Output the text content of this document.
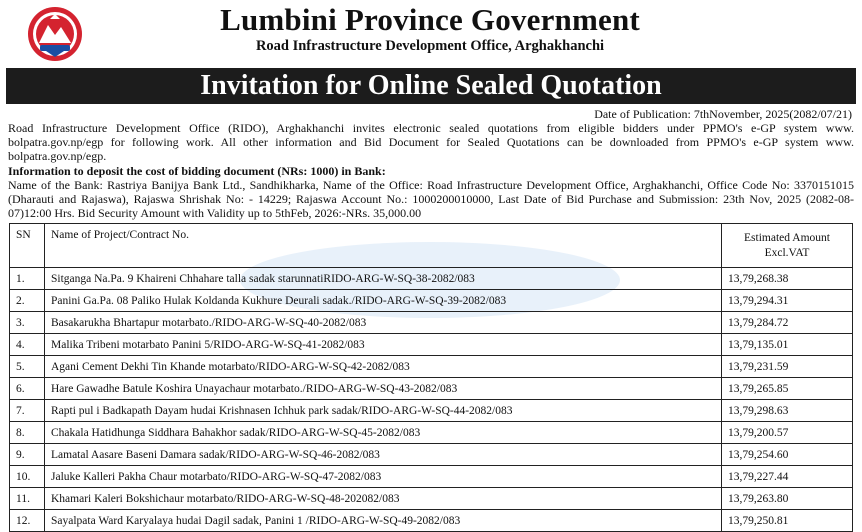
Lumbini Province Government
Road Infrastructure Development Office, Arghakhanchi
Invitation for Online Sealed Quotation
Date of Publication: 7thNovember, 2025(2082/07/21)
Road Infrastructure Development Office (RIDO), Arghakhanchi invites electronic sealed quotations from eligible bidders under PPMO's e-GP system www. bolpatra.gov.np/egp for following work. All other information and Bid Document for Sealed Quotations can be downloaded from PPMO's e-GP system www. bolpatra.gov.np/egp.
Information to deposit the cost of bidding document (NRs: 1000) in Bank:
Name of the Bank: Rastriya Banijya Bank Ltd., Sandhikharka, Name of the Office: Road Infrastructure Development Office, Arghakhanchi, Office Code No: 3370151015 (Dharauti and Rajaswa), Rajaswa Shrishak No: - 14229; Rajaswa Account No.: 1000200010000, Last Date of Bid Purchase and Submission: 23th Nov, 2025 (2082-08-07)12:00 Hrs. Bid Security Amount with Validity up to 5thFeb, 2026:-NRs. 35,000.00
SN	Name of Project/Contract No.	Estimated Amount
Excl.VAT
1.	Sitganga Na.Pa. 9 Khaireni Chhahare talla sadak starunnatiRIDO-ARG-W-SQ-38-2082/083	13,79,268.38
2.	Panini Ga.Pa. 08 Paliko Hulak Koldanda Kukhure Deurali sadak./RIDO-ARG-W-SQ-39-2082/083	13,79,294.31
3.	Basakarukha Bhartapur motarbato./RIDO-ARG-W-SQ-40-2082/083	13,79,284.72
4.	Malika Tribeni motarbato Panini 5/RIDO-ARG-W-SQ-41-2082/083	13,79,135.01
5.	Agani Cement Dekhi Tin Khande motarbato/RIDO-ARG-W-SQ-42-2082/083	13,79,231.59
6.	Hare Gawadhe Batule Koshira Unayachaur motarbato./RIDO-ARG-W-SQ-43-2082/083	13,79,265.85
7.	Rapti pul i Badkapath Dayam hudai Krishnasen Ichhuk park sadak/RIDO-ARG-W-SQ-44-2082/083	13,79,298.63
8.	Chakala Hatidhunga Siddhara Bahakhor sadak/RIDO-ARG-W-SQ-45-2082/083	13,79,200.57
9.	Lamatal Aasare Baseni Damara sadak/RIDO-ARG-W-SQ-46-2082/083	13,79,254.60
10.	Jaluke Kalleri Pakha Chaur motarbato/RIDO-ARG-W-SQ-47-2082/083	13,79,227.44
11.	Khamari Kaleri Bokshichaur motarbato/RIDO-ARG-W-SQ-48-202082/083	13,79,263.80
12.	Sayalpata Ward Karyalaya hudai Dagil sadak, Panini 1 /RIDO-ARG-W-SQ-49-2082/083	13,79,250.81
